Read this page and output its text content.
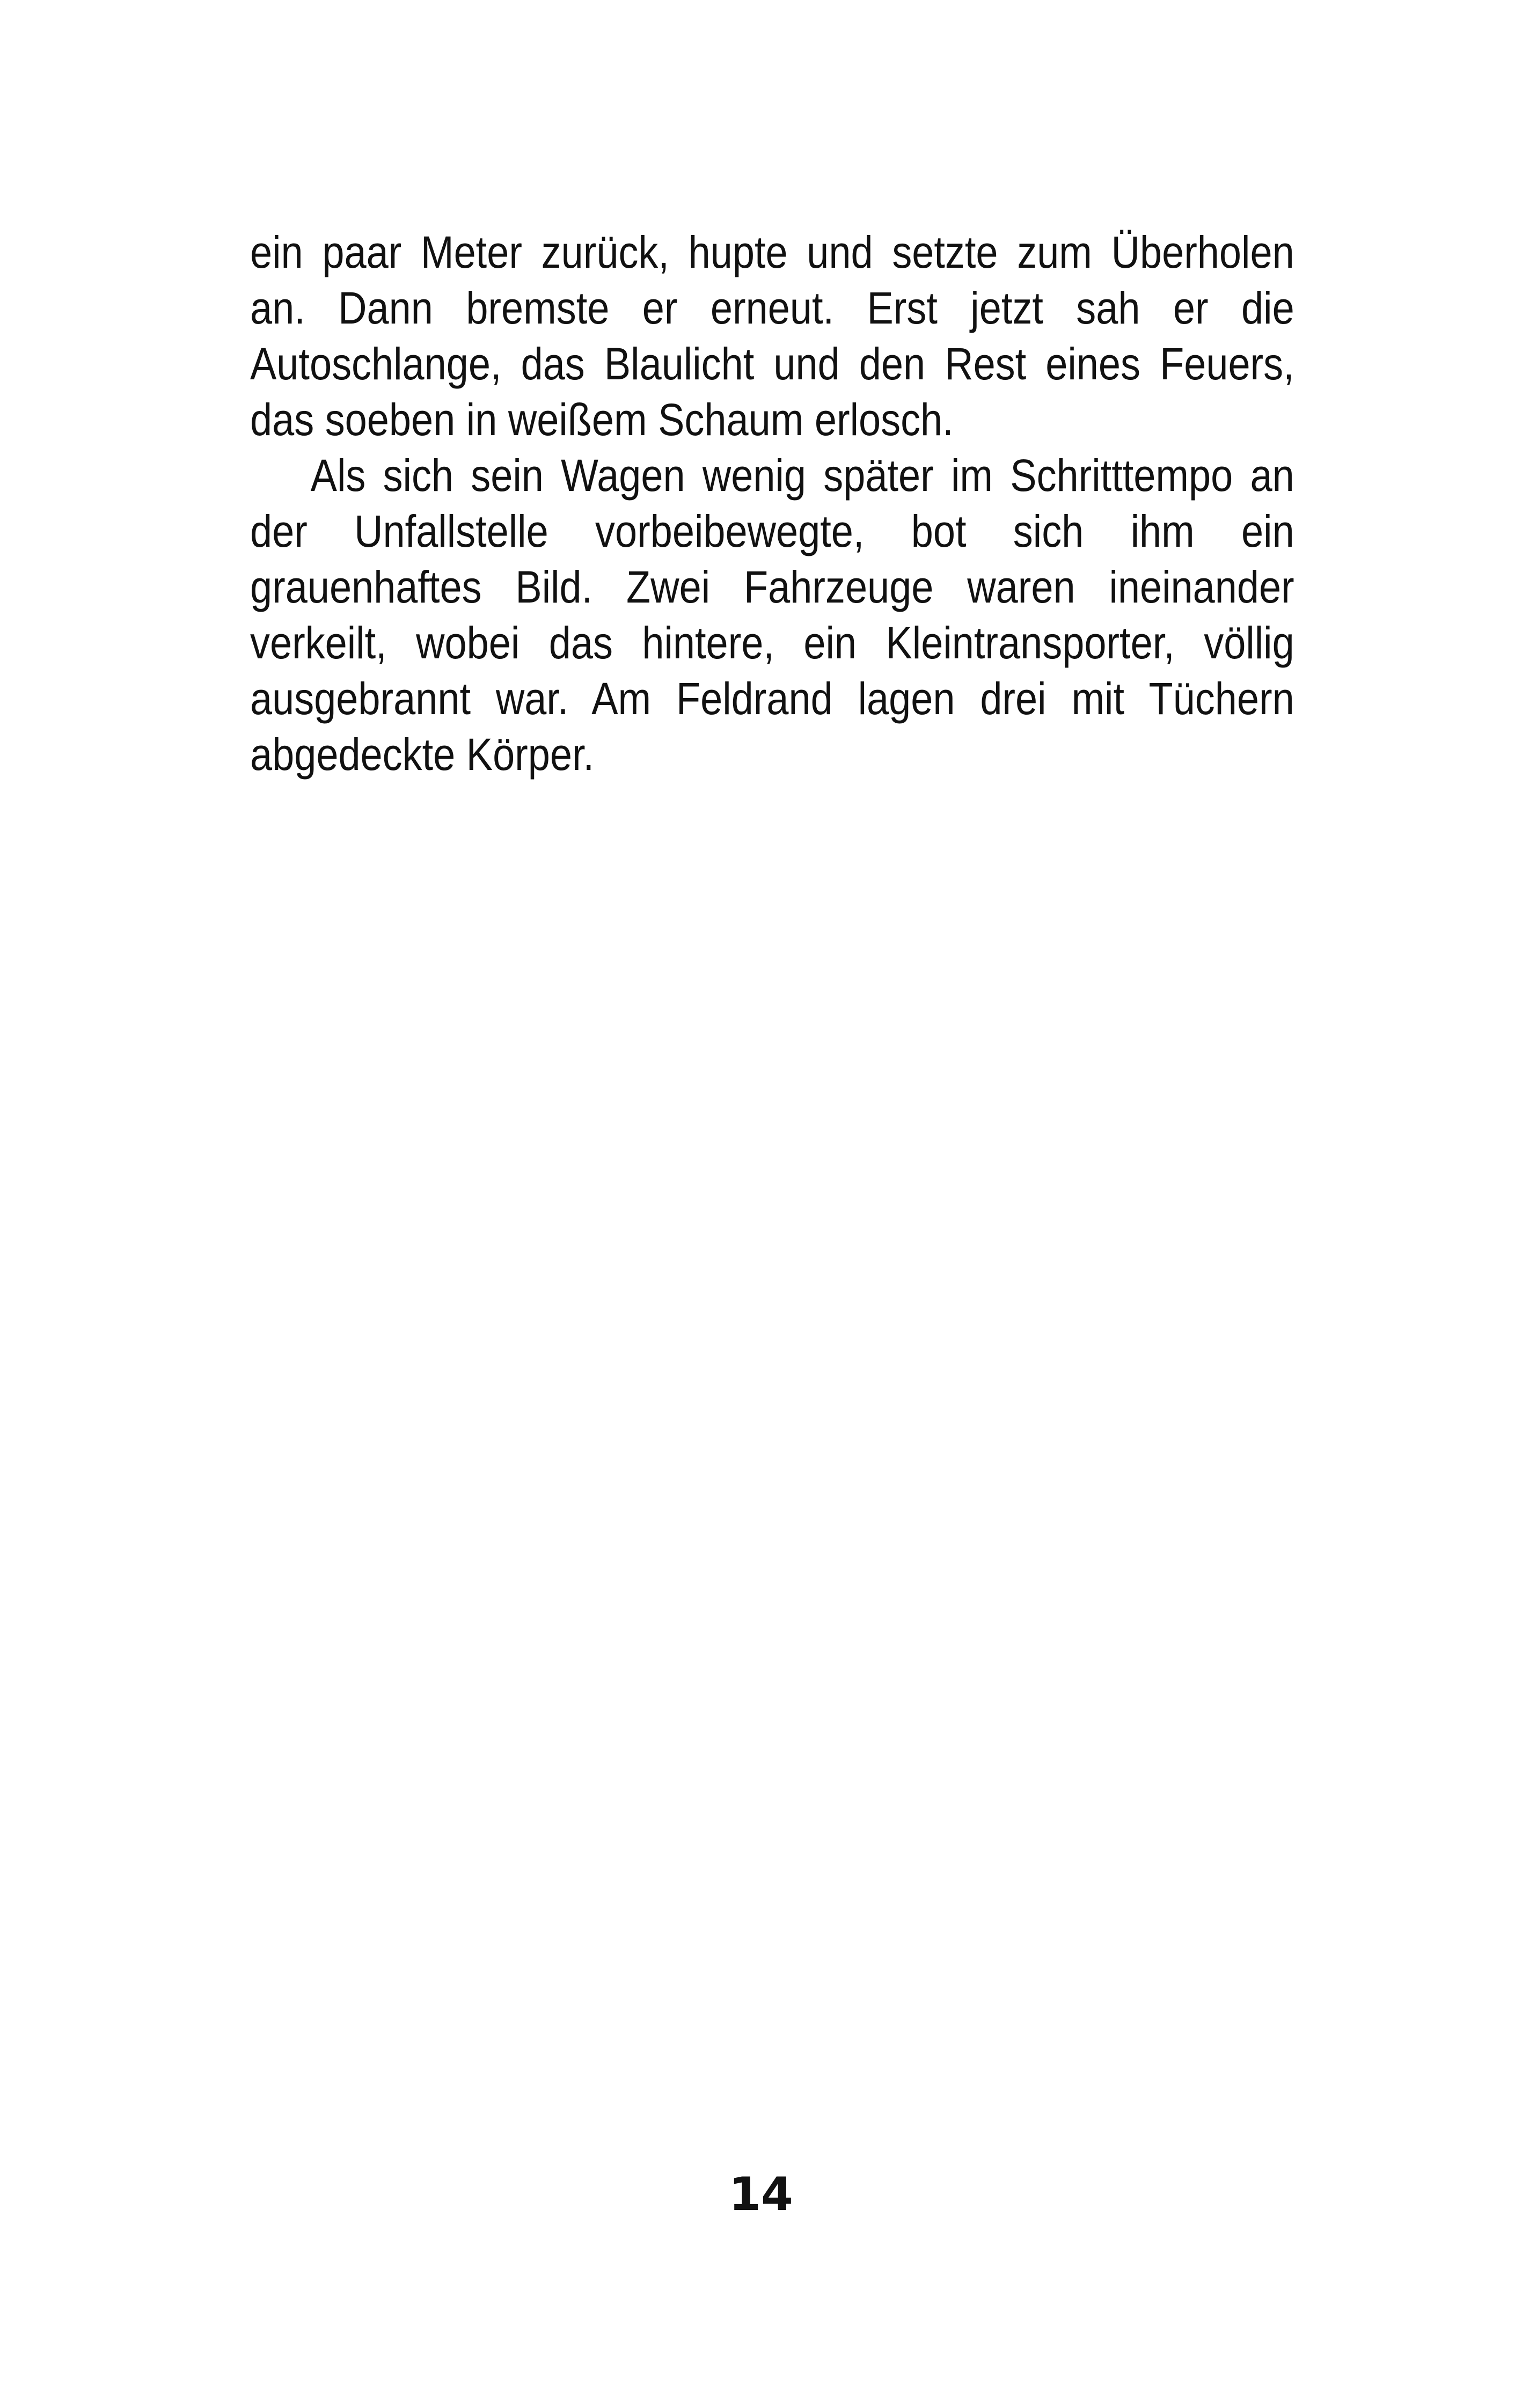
ein paar Meter zurück, hupte und setzte zum Überholen an. Dann bremste er erneut. Erst jetzt sah er die Autoschlange, das Blaulicht und den Rest eines Feuers, das soeben in weißem Schaum erlosch.

Als sich sein Wagen wenig später im Schritttempo an der Unfallstelle vorbeibewegte, bot sich ihm ein grauenhaftes Bild. Zwei Fahrzeuge waren ineinander verkeilt, wobei das hintere, ein Kleintransporter, völlig ausgebrannt war. Am Feldrand lagen drei mit Tüchern abgedeckte Körper.

14
